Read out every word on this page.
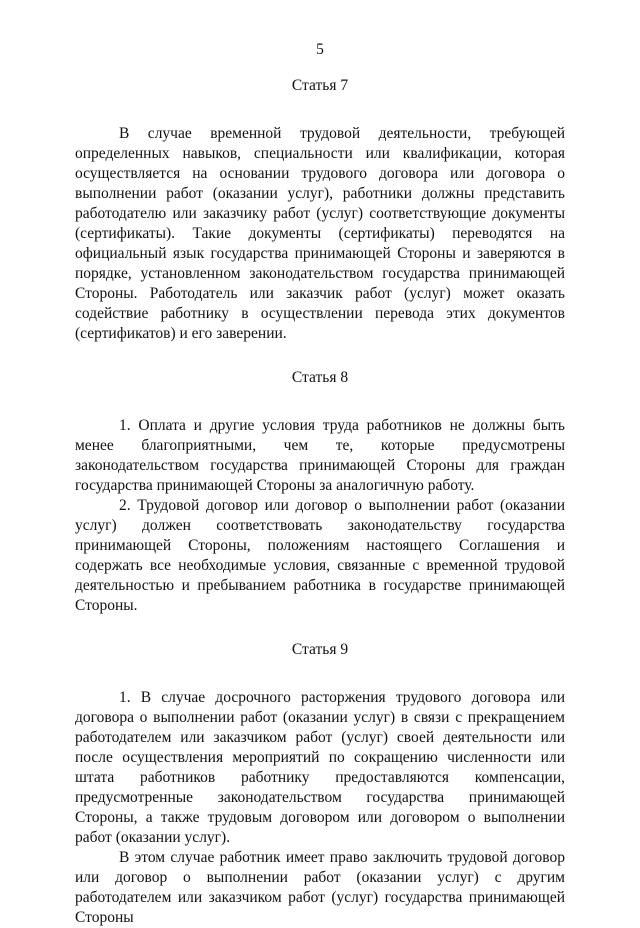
5
Статья 7

В случае временной трудовой деятельности, требующей определенных навыков, специальности или квалификации, которая осуществляется на основании трудового договора или договора о выполнении работ (оказании услуг), работники должны представить работодателю или заказчику работ (услуг) соответствующие документы (сертификаты). Такие документы (сертификаты) переводятся на официальный язык государства принимающей Стороны и заверяются в порядке, установленном законодательством государства принимающей Стороны. Работодатель или заказчик работ (услуг) может оказать содействие работнику в осуществлении перевода этих документов (сертификатов) и его заверении.

Статья 8

1. Оплата и другие условия труда работников не должны быть менее благоприятными, чем те, которые предусмотрены законодательством государства принимающей Стороны для граждан государства принимающей Стороны за аналогичную работу.

2. Трудовой договор или договор о выполнении работ (оказании услуг) должен соответствовать законодательству государства принимающей Стороны, положениям настоящего Соглашения и содержать все необходимые условия, связанные с временной трудовой деятельностью и пребыванием работника в государстве принимающей Стороны.

Статья 9

1. В случае досрочного расторжения трудового договора или договора о выполнении работ (оказании услуг) в связи с прекращением работодателем или заказчиком работ (услуг) своей деятельности или после осуществления мероприятий по сокращению численности или штата работников работнику предоставляются компенсации, предусмотренные законодательством государства принимающей Стороны, а также трудовым договором или договором о выполнении работ (оказании услуг).

В этом случае работник имеет право заключить трудовой договор или договор о выполнении работ (оказании услуг) с другим работодателем или заказчиком работ (услуг) государства принимающей Стороны
